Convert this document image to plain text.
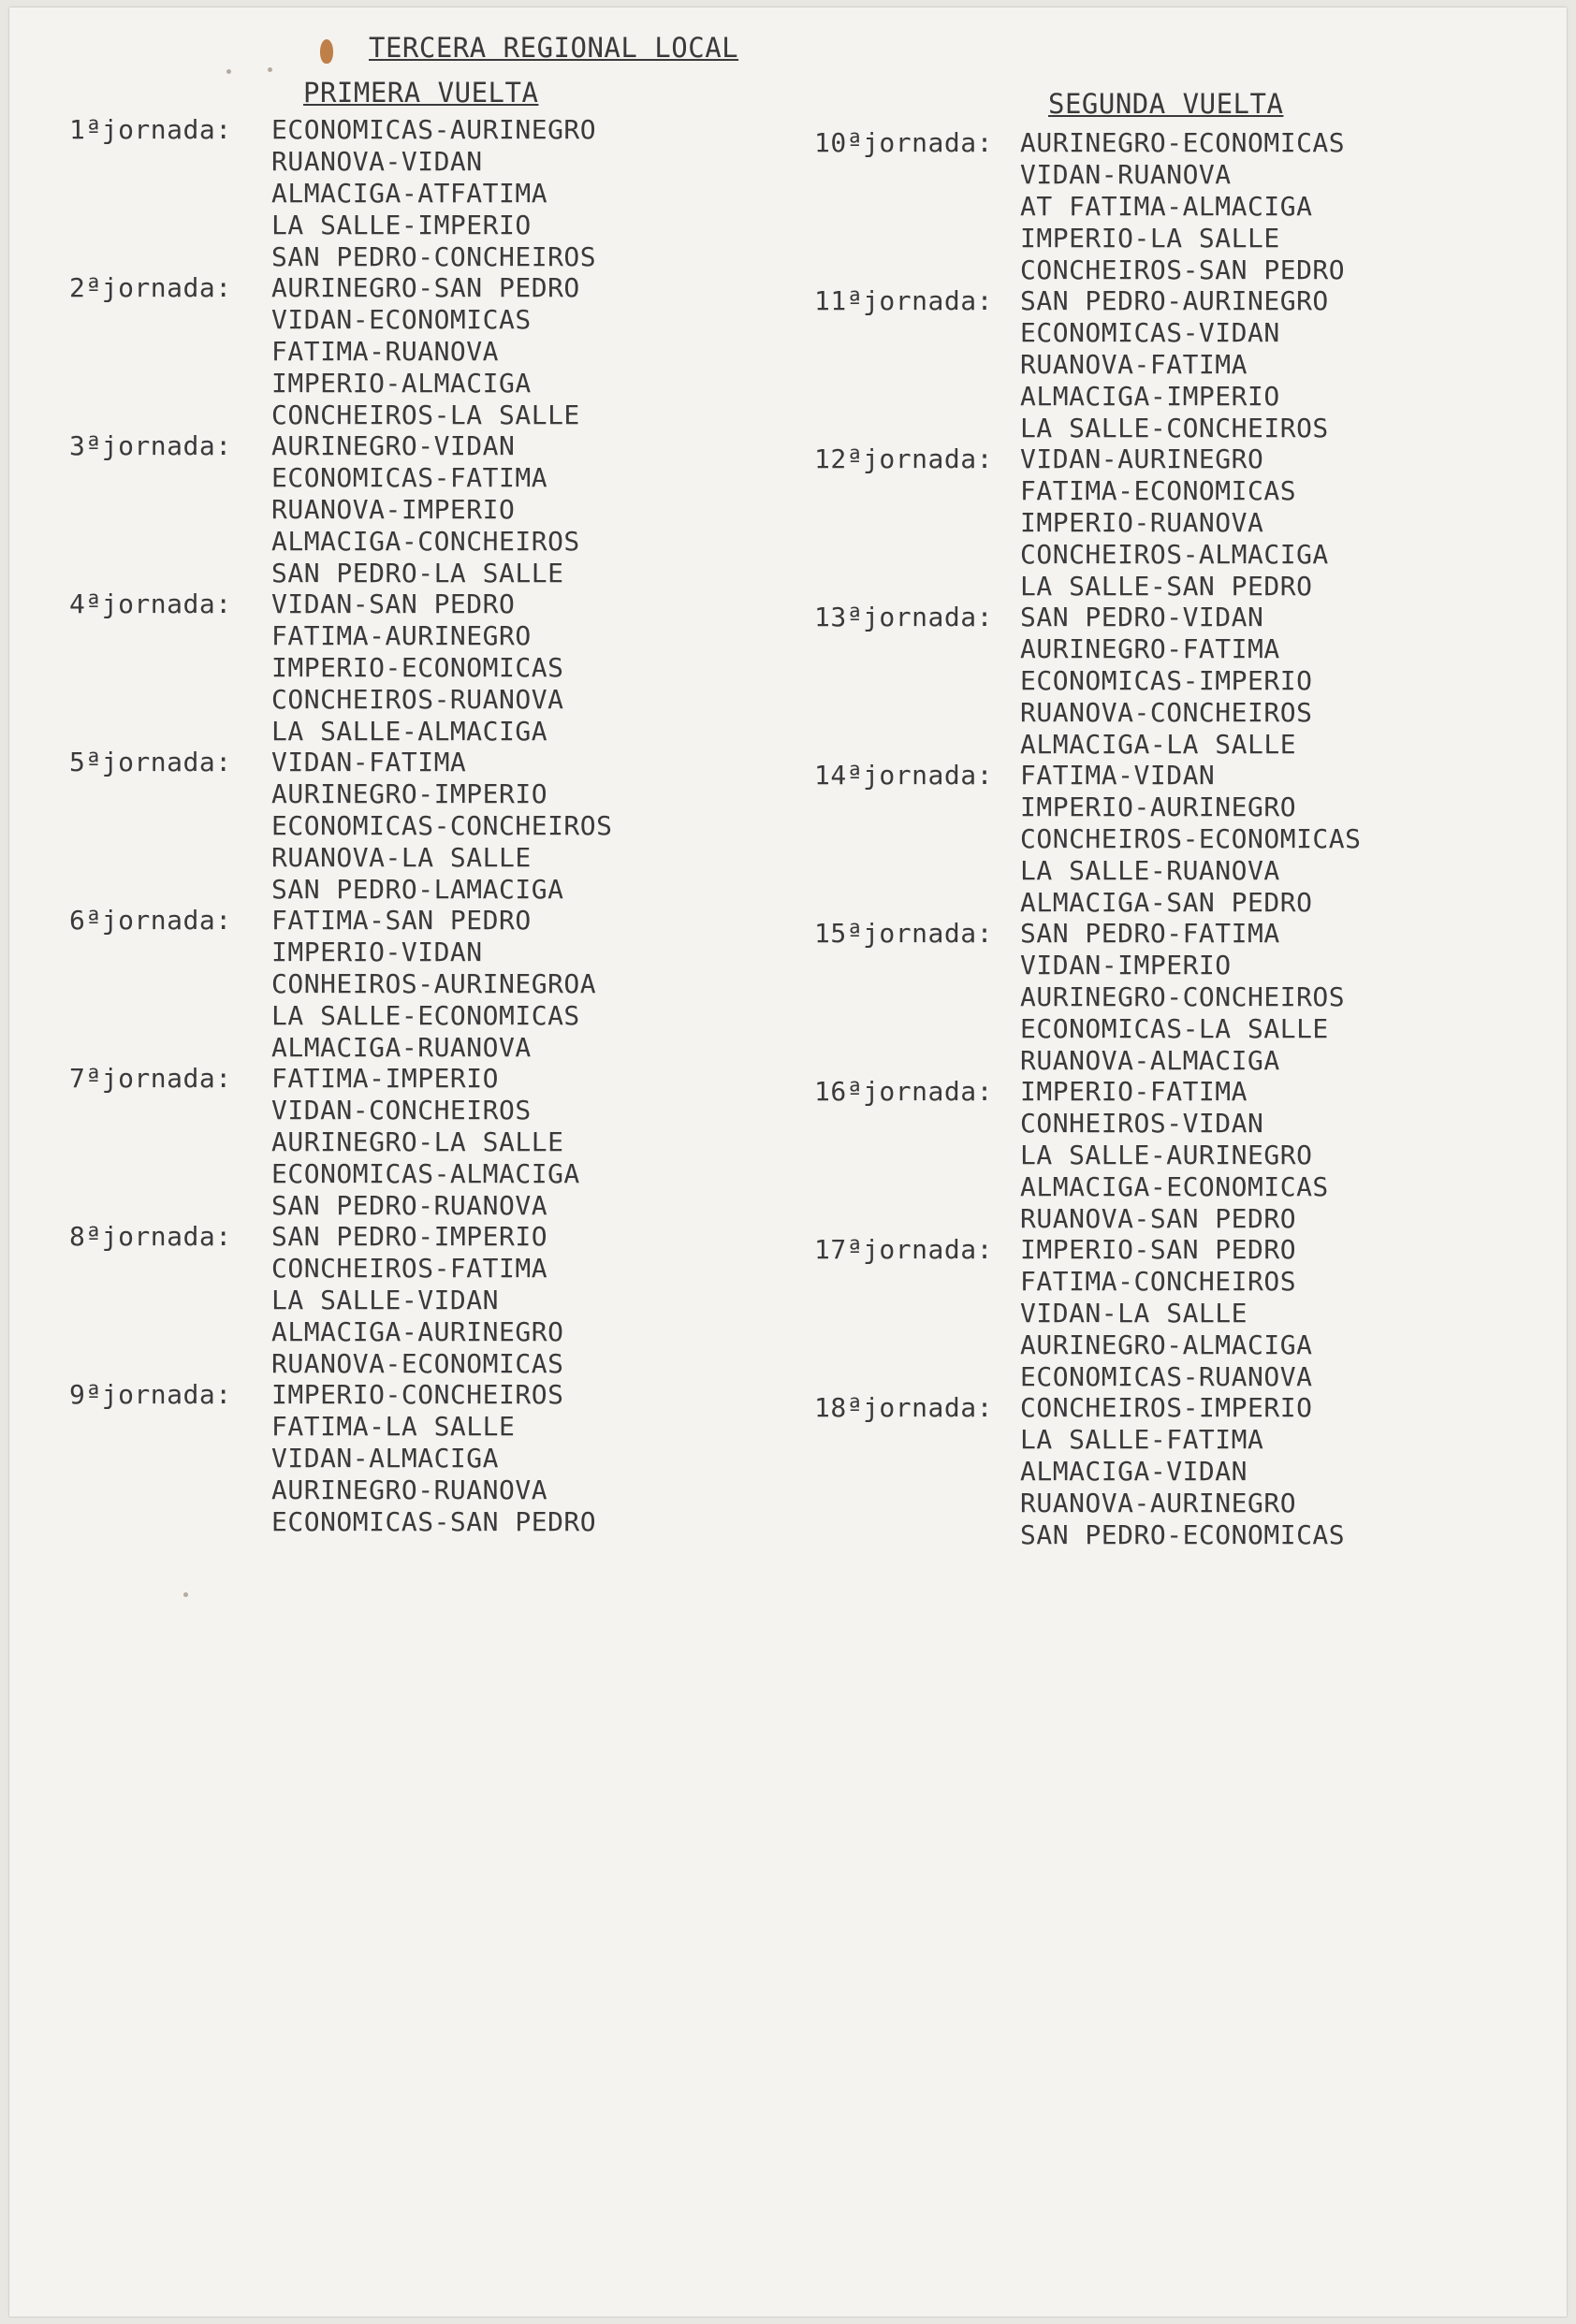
TERCERA REGIONAL LOCAL
PRIMERA VUELTA	SEGUNDA VUELTA
1ªjornada:	ECONOMICAS-AURINEGRO
RUANOVA-VIDAN
ALMACIGA-ATFATIMA
LA SALLE-IMPERIO
SAN PEDRO-CONCHEIROS
2ªjornada:	AURINEGRO-SAN PEDRO
VIDAN-ECONOMICAS
FATIMA-RUANOVA
IMPERIO-ALMACIGA
CONCHEIROS-LA SALLE
3ªjornada:	AURINEGRO-VIDAN
ECONOMICAS-FATIMA
RUANOVA-IMPERIO
ALMACIGA-CONCHEIROS
SAN PEDRO-LA SALLE
4ªjornada:	VIDAN-SAN PEDRO
FATIMA-AURINEGRO
IMPERIO-ECONOMICAS
CONCHEIROS-RUANOVA
LA SALLE-ALMACIGA
5ªjornada:	VIDAN-FATIMA
AURINEGRO-IMPERIO
ECONOMICAS-CONCHEIROS
RUANOVA-LA SALLE
SAN PEDRO-LAMACIGA
6ªjornada:	FATIMA-SAN PEDRO
IMPERIO-VIDAN
CONHEIROS-AURINEGROA
LA SALLE-ECONOMICAS
ALMACIGA-RUANOVA
7ªjornada:	FATIMA-IMPERIO
VIDAN-CONCHEIROS
AURINEGRO-LA SALLE
ECONOMICAS-ALMACIGA
SAN PEDRO-RUANOVA
8ªjornada:	SAN PEDRO-IMPERIO
CONCHEIROS-FATIMA
LA SALLE-VIDAN
ALMACIGA-AURINEGRO
RUANOVA-ECONOMICAS
9ªjornada:	IMPERIO-CONCHEIROS
FATIMA-LA SALLE
VIDAN-ALMACIGA
AURINEGRO-RUANOVA
ECONOMICAS-SAN PEDRO
10ªjornada:	AURINEGRO-ECONOMICAS
VIDAN-RUANOVA
AT FATIMA-ALMACIGA
IMPERIO-LA SALLE
CONCHEIROS-SAN PEDRO
11ªjornada:	SAN PEDRO-AURINEGRO
ECONOMICAS-VIDAN
RUANOVA-FATIMA
ALMACIGA-IMPERIO
LA SALLE-CONCHEIROS
12ªjornada:	VIDAN-AURINEGRO
FATIMA-ECONOMICAS
IMPERIO-RUANOVA
CONCHEIROS-ALMACIGA
LA SALLE-SAN PEDRO
13ªjornada:	SAN PEDRO-VIDAN
AURINEGRO-FATIMA
ECONOMICAS-IMPERIO
RUANOVA-CONCHEIROS
ALMACIGA-LA SALLE
14ªjornada:	FATIMA-VIDAN
IMPERIO-AURINEGRO
CONCHEIROS-ECONOMICAS
LA SALLE-RUANOVA
ALMACIGA-SAN PEDRO
15ªjornada:	SAN PEDRO-FATIMA
VIDAN-IMPERIO
AURINEGRO-CONCHEIROS
ECONOMICAS-LA SALLE
RUANOVA-ALMACIGA
16ªjornada:	IMPERIO-FATIMA
CONHEIROS-VIDAN
LA SALLE-AURINEGRO
ALMACIGA-ECONOMICAS
RUANOVA-SAN PEDRO
17ªjornada:	IMPERIO-SAN PEDRO
FATIMA-CONCHEIROS
VIDAN-LA SALLE
AURINEGRO-ALMACIGA
ECONOMICAS-RUANOVA
18ªjornada:	CONCHEIROS-IMPERIO
LA SALLE-FATIMA
ALMACIGA-VIDAN
RUANOVA-AURINEGRO
SAN PEDRO-ECONOMICAS
